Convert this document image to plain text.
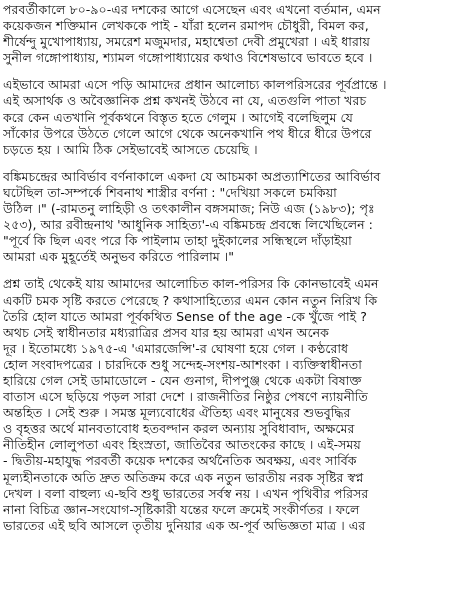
পরবর্তীকালে ৮০-৯০-এর দশকের আগে এসেছেন এবং এখনো বর্তমান, এমন
কয়েকজন শক্তিমান লেখককে পাই - যাঁরা হলেন রমাপদ চৌধুরী, বিমল কর,
শীর্ষেন্দু মুখোপাধ্যায়, সমরেশ মজুমদার, মহাশ্বেতা দেবী প্রমুখেরা । এই ধারায়
সুনীল গঙ্গোপাধ্যায়, শ্যামল গঙ্গোপাধ্যায়ের কথাও বিশেষভাবে ভাবতে হবে ।
এইভাবে আমরা এসে পড়ি আমাদের প্রধান আলোচ্য কালপরিসরের পূর্বপ্রান্তে ।
এই অসার্থক ও অবৈজ্ঞানিক প্রশ্ন কখনই উঠবে না যে, এতগুলি পাতা খরচ
করে কেন এতখানি পূর্বকথনে বিস্তৃত হতে গেলুম । আগেই বলেছিলুম যে
সাঁকোর উপরে উঠতে গেলে আগে থেকে অনেকখানি পথ ধীরে ধীরে উপরে
চড়তে হয় । আমি ঠিক সেইভাবেই আসতে চেয়েছি ।
বঙ্কিমচন্দ্রের আবির্ভাব বর্ণনাকালে একদা যে আচমকা অপ্রত্যাশিতের আবির্ভাব
ঘটেছিল তা-সম্পর্কে শিবনাথ শাস্ত্রীর বর্ণনা : "দেখিয়া সকলে চমকিয়া
উঠিল ।" (-রামতনু লাহিড়ী ও তৎকালীন বঙ্গসমাজ; নিউ এজ (১৯৮৩); পৃঃ
২৫৩), আর রবীন্দ্রনাথ 'আধুনিক সাহিত্য'-এ বঙ্কিমচন্দ্র প্রবন্ধে লিখেছিলেন :
"পূর্বে কি ছিল এবং পরে কি পাইলাম তাহা দুইকালের সন্ধিস্থলে দাঁড়াইয়া
আমরা এক মুহূর্তেই অনুভব করিতে পারিলাম ।"
প্রশ্ন তাই থেকেই যায় আমাদের আলোচিত কাল-পরিসর কি কোনভাবেই এমন
একটি চমক সৃষ্টি করতে পেরেছে ? কথাসাহিত্যের এমন কোন নতুন নিরিখ কি
তৈরি হোল যাতে আমরা পূর্বকথিত Sense of the age -কে খুঁজে পাই ?
অথচ সেই স্বাধীনতার মধ্যরাত্রির প্রসব যার হয় আমরা এখন অনেক
দূর । ইতোমধ্যে ১৯৭৫-এ 'এমারজেন্সি'-র ঘোষণা হয়ে গেল । কণ্ঠরোধ
হোল সংবাদপত্রের । চারদিকে শুধু সন্দেহ-সংশয়-আশংকা । ব্যক্তিস্বাধীনতা
হারিয়ে গেল সেই ডামাডোলে - যেন গুনাগ, দীপপুঞ্জ থেকে একটা বিষাক্ত
বাতাস এসে ছড়িয়ে পড়ল সারা দেশে । রাজনীতির নিষ্ঠুর পেষণে ন্যায়নীতি
অন্তহিত । সেই শুরু । সমস্ত মূল্যবোধের ঐতিহ্য এবং মানুষের শুভবুদ্ধির
ও বৃহত্তর অর্থে মানবতাবোধ হতবল্দান করল অন্যায় সুবিধাবাদ, অক্ষমের
নীতিহীন লোলুপতা এবং হিংস্রতা, জাতিবৈর আতংকের কাছে । এই-সময়
- দ্বিতীয়-মহাযুদ্ধ পরবর্তী কয়েক দশকের অর্থনৈতিক অবক্ষয়, এবং সার্বিক
মূল্যহীনতাকে অতি দ্রুত অতিক্রম করে এক নতুন ভারতীয় নরক সৃষ্টির স্বপ্ন
দেখল । বলা বাহুল্য এ-ছবি শুধু ভারতের সর্বস্ব নয় । এখন পৃথিবীর পরিসর
নানা বিচিত্র জ্ঞান-সংযোগ-সৃষ্টিকারী যন্তের ফলে ক্রমেই সংকীর্ণতর । ফলে
ভারতের এই ছবি আসলে তৃতীয় দুনিয়ার এক অ-পূর্ব অভিজ্ঞতা মাত্র । এর
